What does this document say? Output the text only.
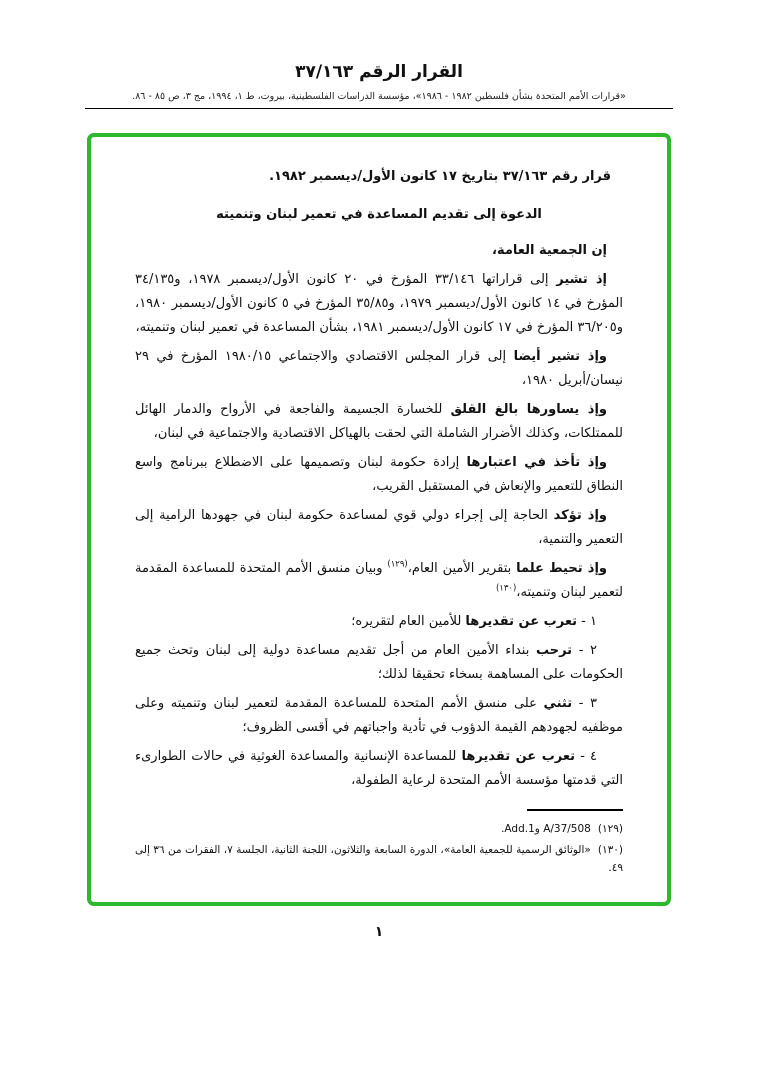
القرار الرقم ٣٧/١٦٣
«قرارات الأمم المتحدة بشأن فلسطين ١٩٨٢ - ١٩٨٦»، مؤسسة الدراسات الفلسطينية، بيروت، ط ١، ١٩٩٤، مج ٣، ص ٨٥ - ٨٦.

قرار رقم ٣٧/١٦٣ بتاريخ ١٧ كانون الأول/ديسمبر ١٩٨٢.

الدعوة إلى تقديم المساعدة في تعمير لبنان وتنميته

إن الجمعية العامة،

إذ تشير إلى قراراتها ٣٣/١٤٦ المؤرخ في ٢٠ كانون الأول/ديسمبر ١٩٧٨، و٣٤/١٣٥ المؤرخ في ١٤ كانون الأول/ديسمبر ١٩٧٩، و٣٥/٨٥ المؤرخ في ٥ كانون الأول/ديسمبر ١٩٨٠، و٣٦/٢٠٥ المؤرخ في ١٧ كانون الأول/ديسمبر ١٩٨١، بشأن المساعدة في تعمير لبنان وتنميته،

وإذ تشير أيضا إلى قرار المجلس الاقتصادي والاجتماعي ١٩٨٠/١٥ المؤرخ في ٢٩ نيسان/أبريل ١٩٨٠،

وإذ يساورها بالغ القلق للخسارة الجسيمة والفاجعة في الأرواح والدمار الهائل للممتلكات، وكذلك الأضرار الشاملة التي لحقت بالهياكل الاقتصادية والاجتماعية في لبنان،

وإذ تأخذ في اعتبارها إرادة حكومة لبنان وتصميمها على الاضطلاع ببرنامج واسع النطاق للتعمير والإنعاش في المستقبل القريب،

وإذ تؤكد الحاجة إلى إجراء دولي قوي لمساعدة حكومة لبنان في جهودها الرامية إلى التعمير والتنمية،

وإذ تحيط علما بتقرير الأمين العام،$^{(١٢٩)}$ وبيان منسق الأمم المتحدة للمساعدة المقدمة لتعمير لبنان وتنميته،$^{(١٣٠)}$

١ - تعرب عن تقديرها للأمين العام لتقريره؛

٢ - ترحب بنداء الأمين العام من أجل تقديم مساعدة دولية إلى لبنان وتحث جميع الحكومات على المساهمة بسخاء تحقيقا لذلك؛

٣ - تثني على منسق الأمم المتحدة للمساعدة المقدمة لتعمير لبنان وتنميته وعلى موظفيه لجهودهم القيمة الدؤوب في تأدية واجباتهم في أقسى الظروف؛

٤ - تعرب عن تقديرها للمساعدة الإنسانية والمساعدة الغوثية في حالات الطوارىء التي قدمتها مؤسسة الأمم المتحدة لرعاية الطفولة،

(١٢٩)A/37/508 وAdd.1.

(١٣٠)«الوثائق الرسمية للجمعية العامة»، الدورة السابعة والثلاثون، اللجنة الثانية، الجلسة ٧، الفقرات من ٣٦ إلى ٤٩.

١
